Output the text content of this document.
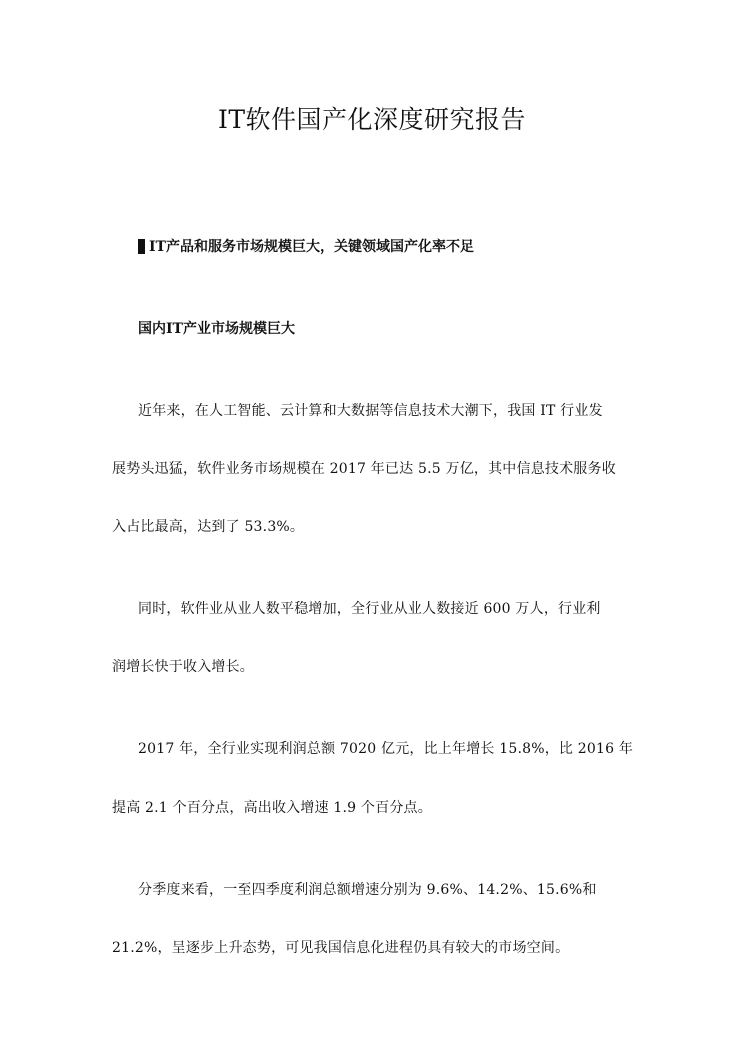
IT软件国产化深度研究报告
IT产品和服务市场规模巨大，关键领域国产化率不足
国内IT产业市场规模巨大
近年来，在人工智能、云计算和大数据等信息技术大潮下，我国 IT 行业发
展势头迅猛，软件业务市场规模在 2017 年已达 5.5 万亿，其中信息技术服务收
入占比最高，达到了 53.3%。
同时，软件业从业人数平稳增加，全行业从业人数接近 600 万人，行业利
润增长快于收入增长。
2017 年，全行业实现利润总额 7020 亿元，比上年增长 15.8%，比 2016 年
提高 2.1 个百分点，高出收入增速 1.9 个百分点。
分季度来看，一至四季度利润总额增速分别为 9.6%、14.2%、15.6%和
21.2%，呈逐步上升态势，可见我国信息化进程仍具有较大的市场空间。
